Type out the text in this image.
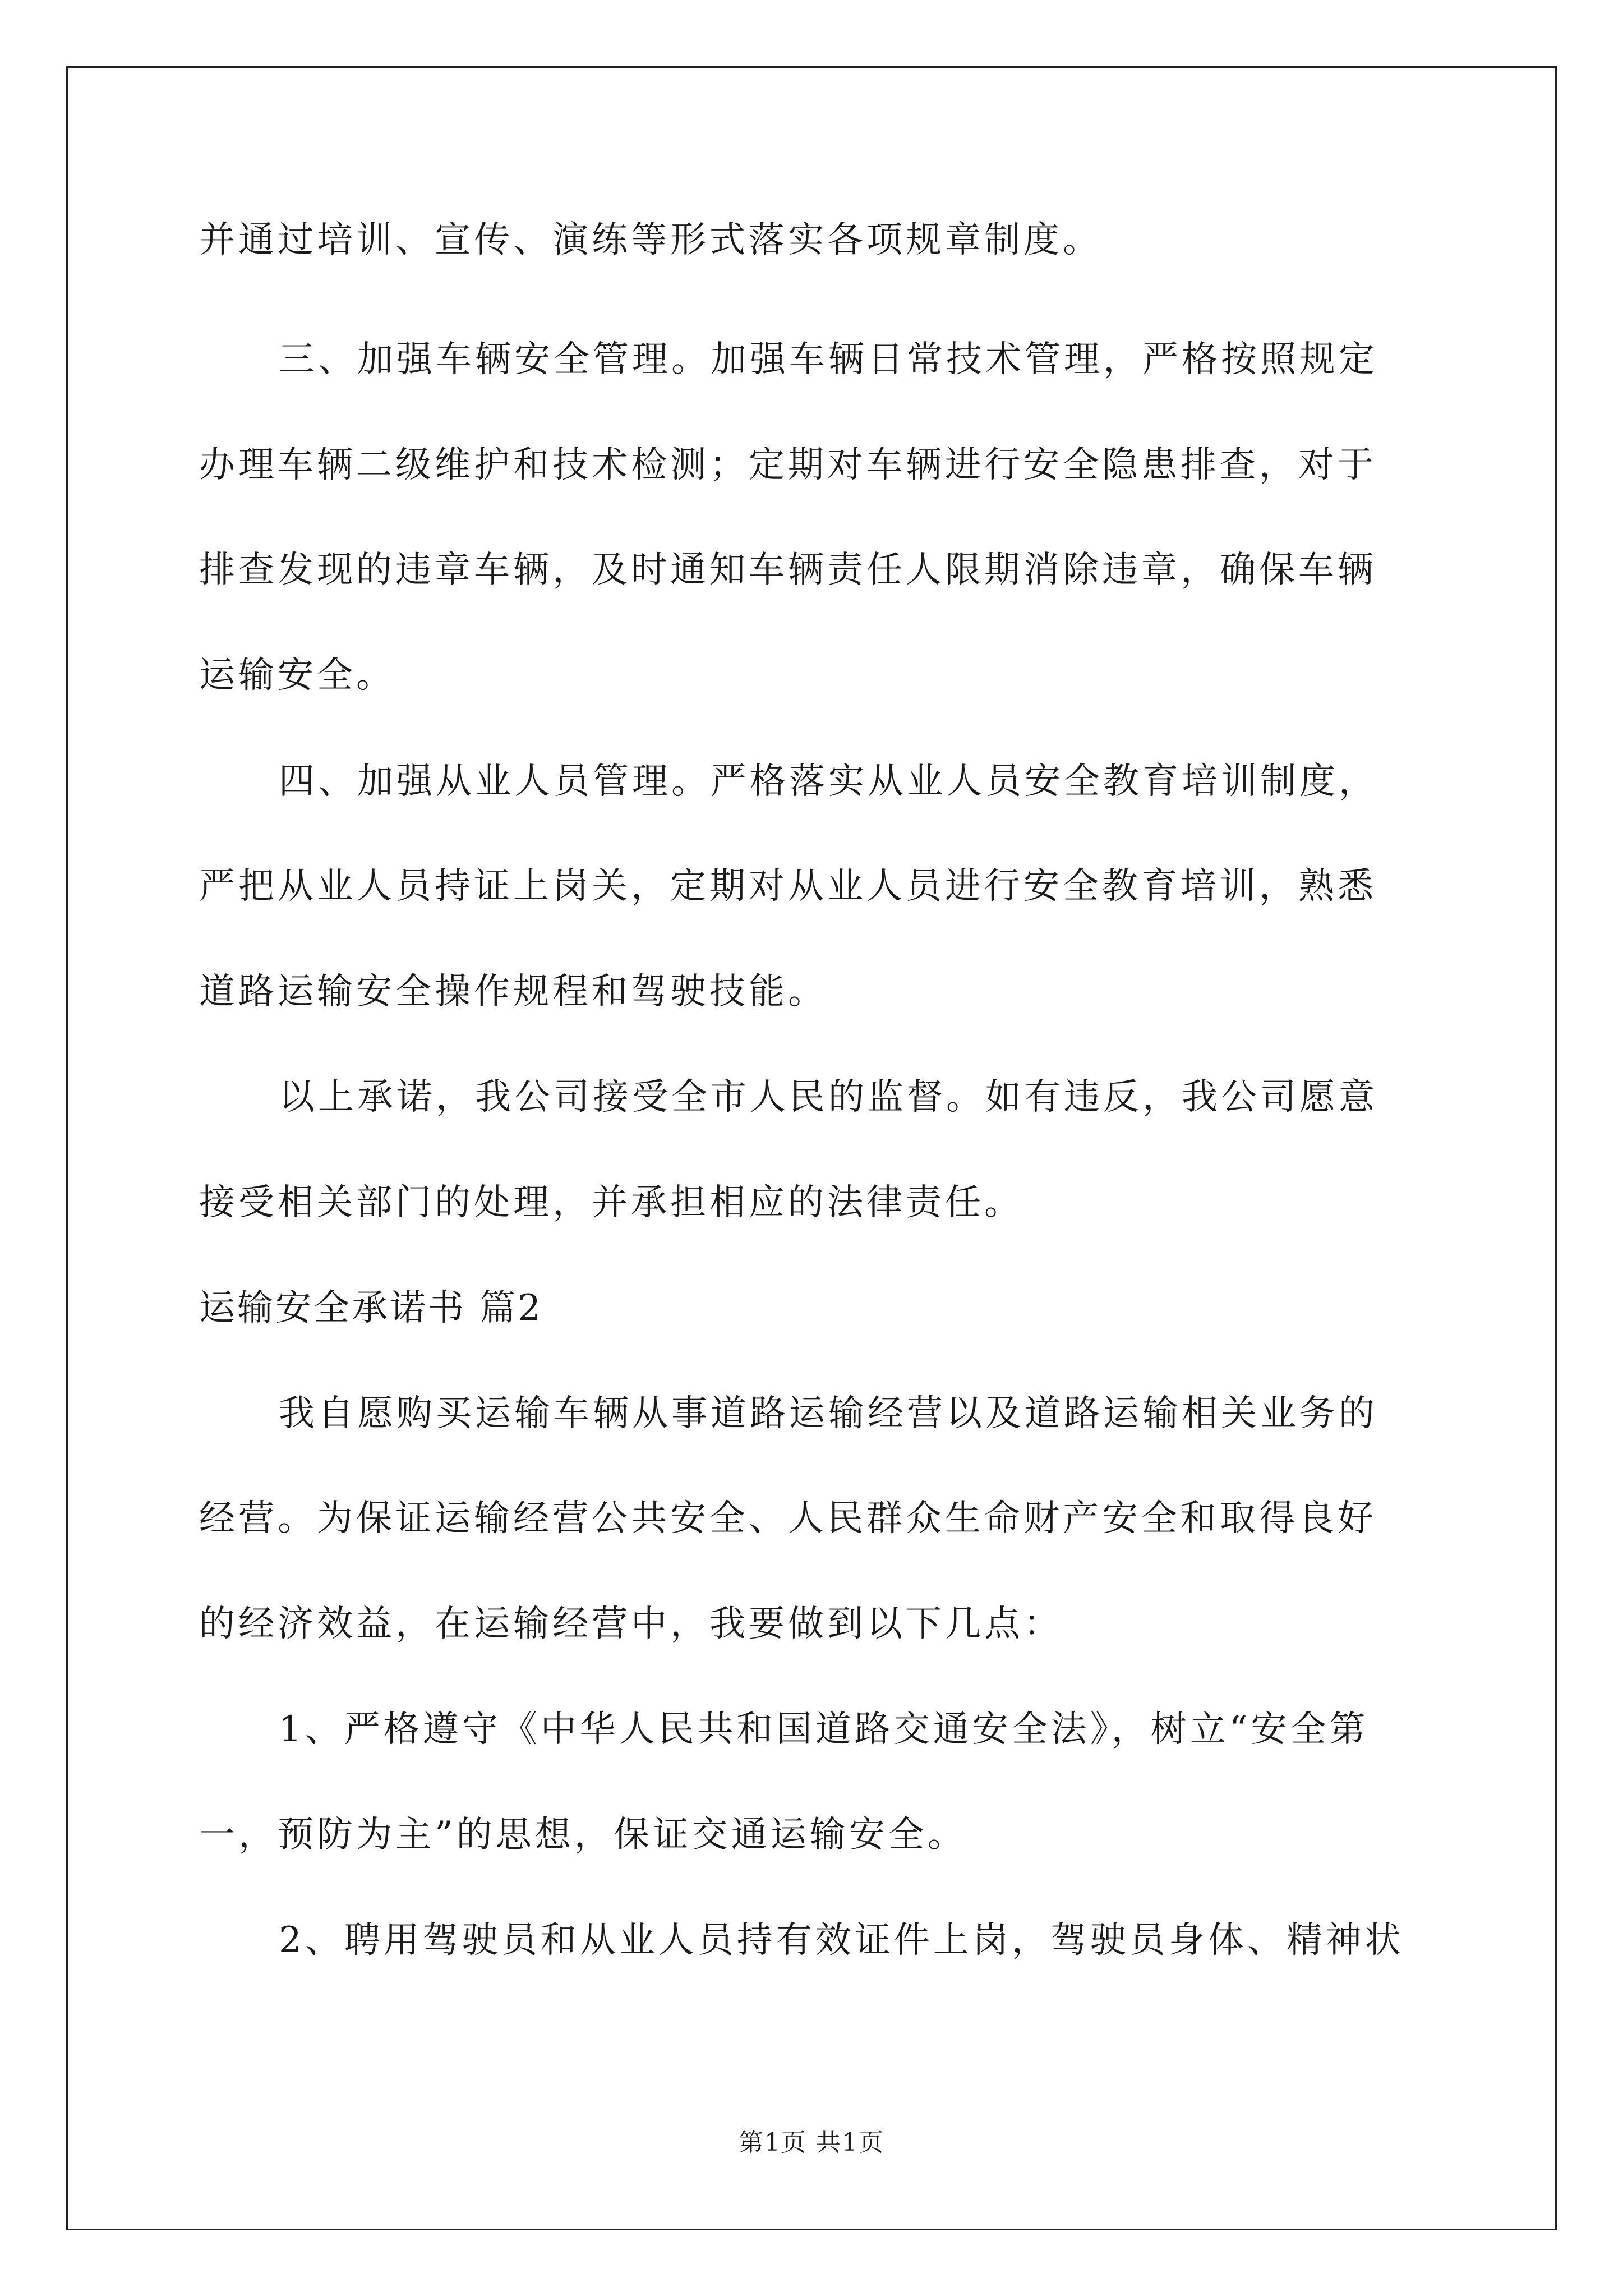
并通过培训、宣传、演练等形式落实各项规章制度。
三、加强车辆安全管理。加强车辆日常技术管理，严格按照规定
办理车辆二级维护和技术检测；定期对车辆进行安全隐患排查，对于
排查发现的违章车辆，及时通知车辆责任人限期消除违章，确保车辆
运输安全。
四、加强从业人员管理。严格落实从业人员安全教育培训制度，
严把从业人员持证上岗关，定期对从业人员进行安全教育培训，熟悉
道路运输安全操作规程和驾驶技能。
以上承诺，我公司接受全市人民的监督。如有违反，我公司愿意
接受相关部门的处理，并承担相应的法律责任。
运输安全承诺书 篇2
我自愿购买运输车辆从事道路运输经营以及道路运输相关业务的
经营。为保证运输经营公共安全、人民群众生命财产安全和取得良好
的经济效益，在运输经营中，我要做到以下几点：
1、严格遵守《中华人民共和国道路交通安全法》，树立“安全第
一，预防为主”的思想，保证交通运输安全。
2、聘用驾驶员和从业人员持有效证件上岗，驾驶员身体、精神状
第1页 共1页
